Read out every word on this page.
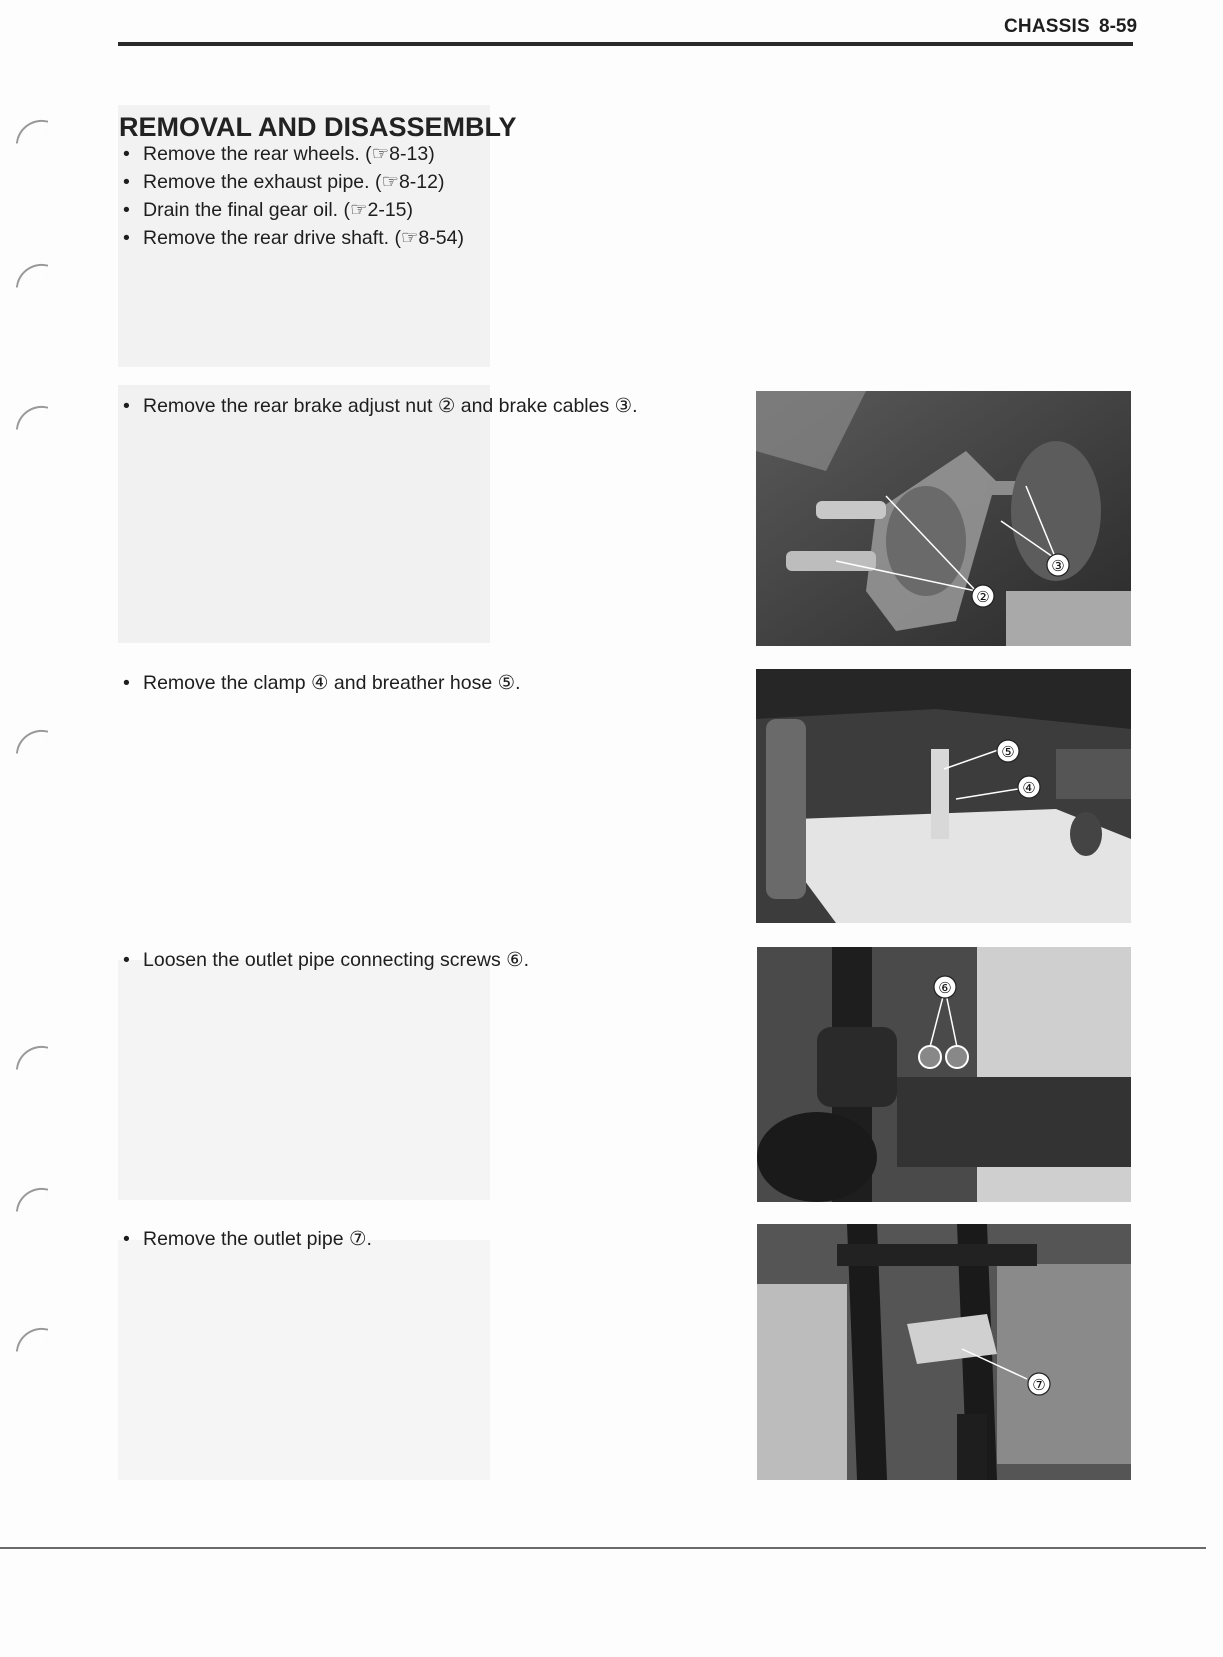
CHASSIS 8-59
REMOVAL AND DISASSEMBLY
• Remove the rear wheels. (☞8-13)
• Remove the exhaust pipe. (☞8-12)
• Drain the final gear oil. (☞2-15)
• Remove the rear drive shaft. (☞8-54)
• Remove the rear brake adjust nut ② and brake cables ③.
• Remove the clamp ④ and breather hose ⑤.
• Loosen the outlet pipe connecting screws ⑥.
• Remove the outlet pipe ⑦.
②
③
⑤
④
⑥
⑦
